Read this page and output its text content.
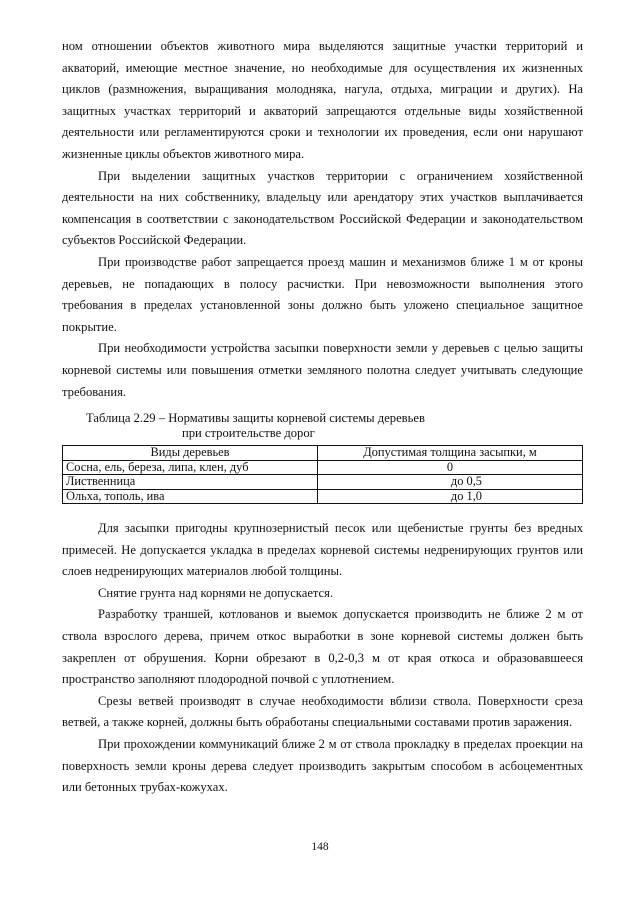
ном отношении объектов животного мира выделяются защитные участки территорий и акваторий, имеющие местное значение, но необходимые для осуществления их жизненных циклов (размножения, выращивания молодняка, нагула, отдыха, миграции и других). На защитных участках территорий и акваторий запрещаются отдельные виды хозяйственной деятельности или регламентируются сроки и технологии их проведения, если они нарушают жизненные циклы объектов животного мира.

При выделении защитных участков территории с ограничением хозяйственной деятельности на них собственнику, владельцу или арендатору этих участков выплачивается компенсация в соответствии с законодательством Российской Федерации и законодательством субъектов Российской Федерации.

При производстве работ запрещается проезд машин и механизмов ближе 1 м от кроны деревьев, не попадающих в полосу расчистки. При невозможности выполнения этого требования в пределах установленной зоны должно быть уложено специальное защитное покрытие.

При необходимости устройства засыпки поверхности земли у деревьев с целью защиты корневой системы или повышения отметки земляного полотна следует учитывать следующие требования.

Таблица 2.29 – Нормативы защиты корневой системы деревьев
при строительстве дорог
Виды деревьев	Допустимая толщина засыпки, м
Сосна, ель, береза, липа, клен, дуб	0
Лиственница	до 0,5
Ольха, тополь, ива	до 1,0

Для засыпки пригодны крупнозернистый песок или щебенистые грунты без вредных примесей. Не допускается укладка в пределах корневой системы недренирующих грунтов или слоев недренирующих материалов любой толщины.

Снятие грунта над корнями не допускается.

Разработку траншей, котлованов и выемок допускается производить не ближе 2 м от ствола взрослого дерева, причем откос выработки в зоне корневой системы должен быть закреплен от обрушения. Корни обрезают в 0,2-0,3 м от края откоса и образовавшееся пространство заполняют плодородной почвой с уплотнением.

Срезы ветвей производят в случае необходимости вблизи ствола. Поверхности среза ветвей, а также корней, должны быть обработаны специальными составами против заражения.

При прохождении коммуникаций ближе 2 м от ствола прокладку в пределах проекции на поверхность земли кроны дерева следует производить закрытым способом в асбоцементных или бетонных трубах-кожухах.

148
